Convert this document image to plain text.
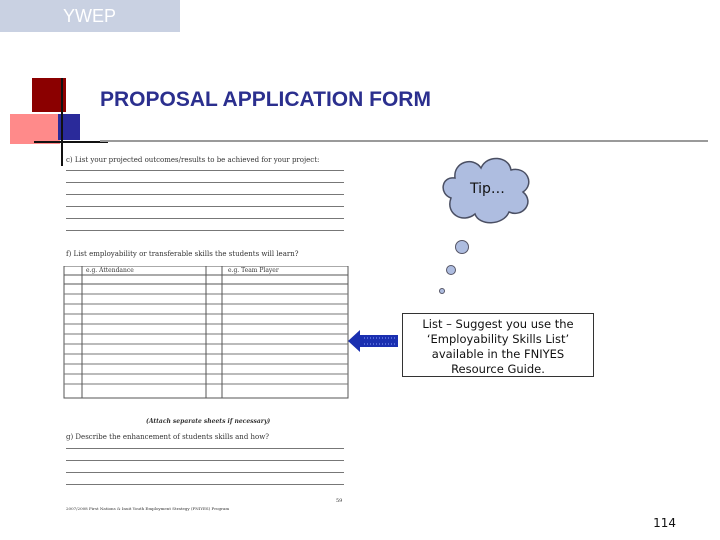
YWEP
PROPOSAL APPLICATION FORM
c) List your projected outcomes/results to be achieved for your project:
f) List employability or transferable skills the students will learn?
e.g. Attendance	e.g. Team Player
(Attach separate sheets if necessary)
g) Describe the enhancement of students skills and how?
59
2007/2008 First Nations & Inuit Youth Employment Strategy (FNIYES) Program
Tip…
List – Suggest you use the
‘Employability Skills List’
available in the FNIYES
Resource Guide.
114
